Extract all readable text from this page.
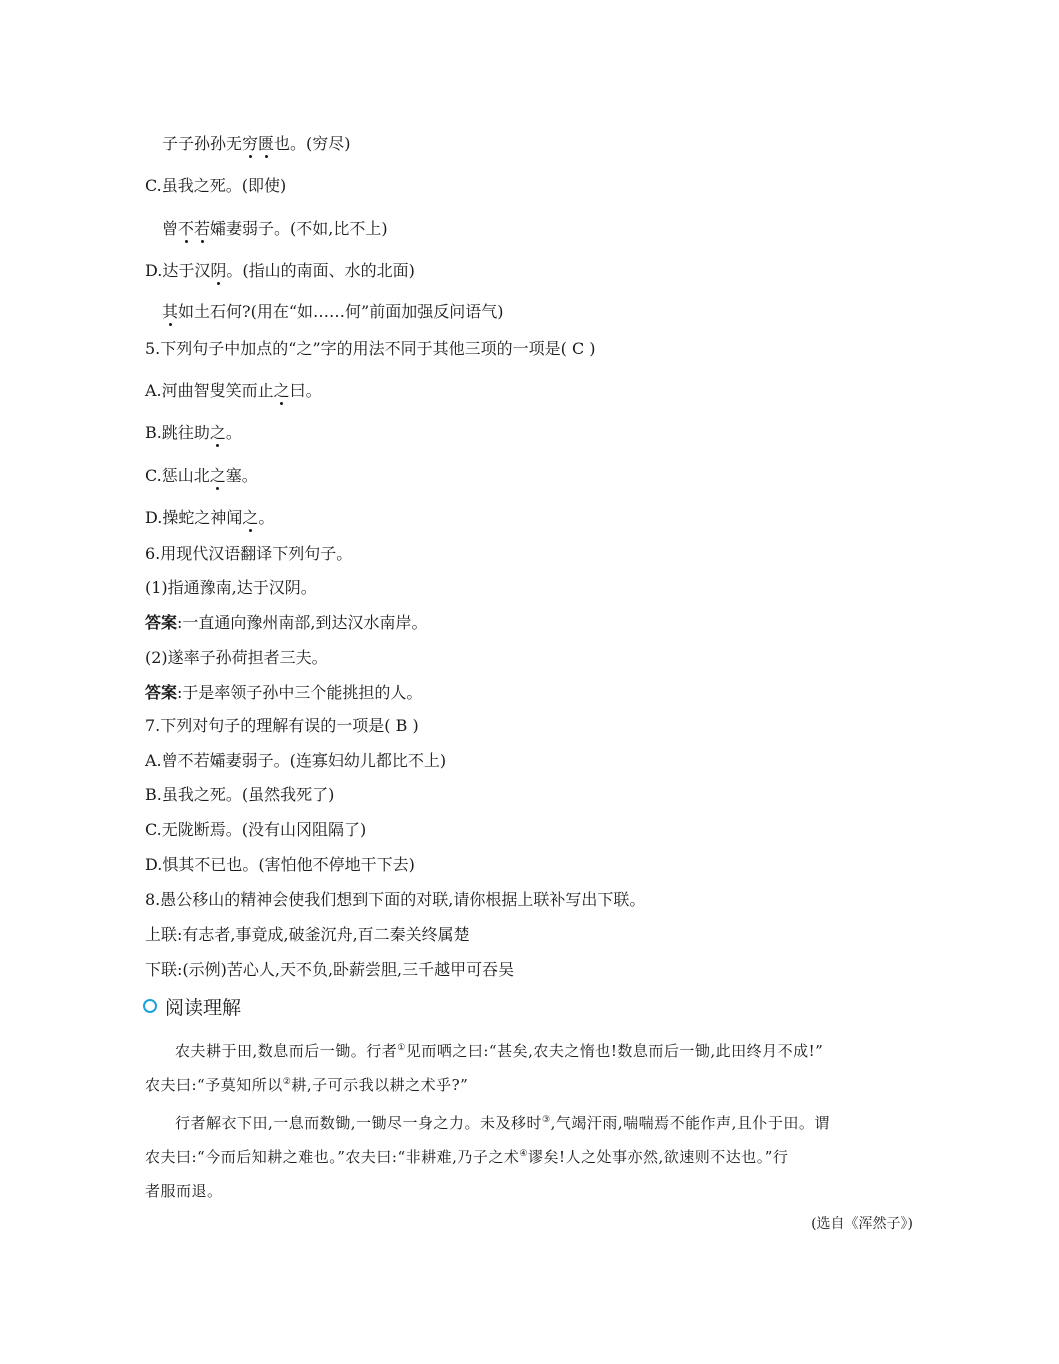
子子孙孙无穷匮也。(穷尽)
C.虽我之死。(即使)
曾不若孀妻弱子。(不如,比不上)
D.达于汉阴。(指山的南面、水的北面)
其如土石何?(用在“如……何”前面加强反问语气)
5.下列句子中加点的“之”字的用法不同于其他三项的一项是( C )
A.河曲智叟笑而止之曰。
B.跳往助之。
C.惩山北之塞。
D.操蛇之神闻之。
6.用现代汉语翻译下列句子。
(1)指通豫南,达于汉阴。
答案:一直通向豫州南部,到达汉水南岸。
(2)遂率子孙荷担者三夫。
答案:于是率领子孙中三个能挑担的人。
7.下列对句子的理解有误的一项是( B )
A.曾不若孀妻弱子。(连寡妇幼儿都比不上)
B.虽我之死。(虽然我死了)
C.无陇断焉。(没有山冈阻隔了)
D.惧其不已也。(害怕他不停地干下去)
8.愚公移山的精神会使我们想到下面的对联,请你根据上联补写出下联。
上联:有志者,事竟成,破釜沉舟,百二秦关终属楚
下联:(示例)苦心人,天不负,卧薪尝胆,三千越甲可吞吴
阅读理解
农夫耕于田,数息而后一锄。行者①见而哂之曰:“甚矣,农夫之惰也!数息而后一锄,此田终月不成!”
农夫曰:“予莫知所以②耕,子可示我以耕之术乎?”
行者解衣下田,一息而数锄,一锄尽一身之力。未及移时③,气竭汗雨,喘喘焉不能作声,且仆于田。谓
农夫曰:“今而后知耕之难也。”农夫曰:“非耕难,乃子之术④谬矣!人之处事亦然,欲速则不达也。”行
者服而退。
(选自《浑然子》)
